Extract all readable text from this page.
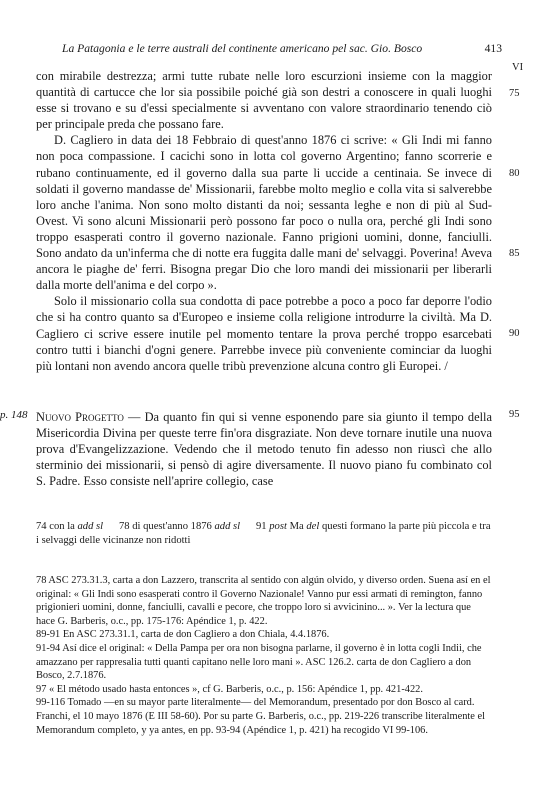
La Patagonia e le terre australi del continente americano pel sac. Gio. Bosco	413
VI
75
80
85
90
95
p. 148

con mirabile destrezza; armi tutte rubate nelle loro escurzioni insieme con la maggior quantità di cartucce che lor sia possibile poiché già son destri a conoscere in quali luoghi esse si trovano e su d'essi specialmente si avventano con valore straordinario tenendo ciò per principale preda che possano fare.

D. Cagliero in data dei 18 Febbraio di quest'anno 1876 ci scrive: « Gli Indi mi fanno non poca compassione. I cacichi sono in lotta col governo Argentino; fanno scorrerie e rubano continuamente, ed il governo dalla sua parte li uccide a centinaia. Se invece di soldati il governo mandasse de' Missionarii, farebbe molto meglio e colla vita si salverebbe loro anche l'anima. Non sono molto distanti da noi; sessanta leghe e non di più al Sud-Ovest. Vi sono alcuni Missionarii però possono far poco o nulla ora, perché gli Indi sono troppo esasperati contro il governo nazionale. Fanno prigioni uomini, donne, fanciulli. Sono andato da un'inferma che di notte era fuggita dalle mani de' selvaggi. Poverina! Aveva ancora le piaghe de' ferri. Bisogna pregar Dio che loro mandi dei missionarii per liberarli dalla morte dell'anima e del corpo ».

Solo il missionario colla sua condotta di pace potrebbe a poco a poco far deporre l'odio che si ha contro quanto sa d'Europeo e insieme colla religione introdurre la civiltà. Ma D. Cagliero ci scrive essere inutile pel momento tentare la prova perché troppo esarcebati contro tutti i bianchi d'ogni genere. Parrebbe invece più conveniente cominciar da luoghi più lontani non avendo ancora quelle tribù prevenzione alcuna contro gli Europei. /

Nuovo Progetto — Da quanto fin qui si venne esponendo pare sia giunto il tempo della Misericordia Divina per queste terre fin'ora disgraziate. Non deve tornare inutile una nuova prova d'Evangelizzazione. Vedendo che il metodo tenuto fin adesso non riuscì che allo sterminio dei missionarii, si pensò di agire diversamente. Il nuovo piano fu combinato col S. Padre. Esso consiste nell'aprire collegio, case

74 con la add sl 78 di quest'anno 1876 add sl 91 post Ma del questi formano la parte più piccola e tra i selvaggi delle vicinanze non ridotti

78 ASC 273.31.3, carta a don Lazzero, transcrita al sentido con algún olvido, y diverso orden. Suena así en el original: « Gli Indi sono esasperati contro il Governo Nazionale! Vanno pur essi armati di remington, fanno prigionieri uomini, donne, fanciulli, cavalli e pecore, che troppo loro si avvicinino... ». Ver la lectura que hace G. Barberis, o.c., pp. 175-176: Apéndice 1, p. 422.

89-91 En ASC 273.31.1, carta de don Cagliero a don Chiala, 4.4.1876.

91-94 Así dice el original: « Della Pampa per ora non bisogna parlarne, il governo è in lotta cogli Indii, che amazzano per rappresalia tutti quanti capitano nelle loro mani ». ASC 126.2. carta de don Cagliero a don Bosco, 2.7.1876.

97 « El método usado hasta entonces », cf G. Barberis, o.c., p. 156: Apéndice 1, pp. 421-422.

99-116 Tomado —en su mayor parte literalmente— del Memorandum, presentado por don Bosco al card. Franchi, el 10 mayo 1876 (E III 58-60). Por su parte G. Barberis, o.c., pp. 219-226 transcribe literalmente el Memorandum completo, y ya antes, en pp. 93-94 (Apéndice 1, p. 421) ha recogido VI 99-106.
